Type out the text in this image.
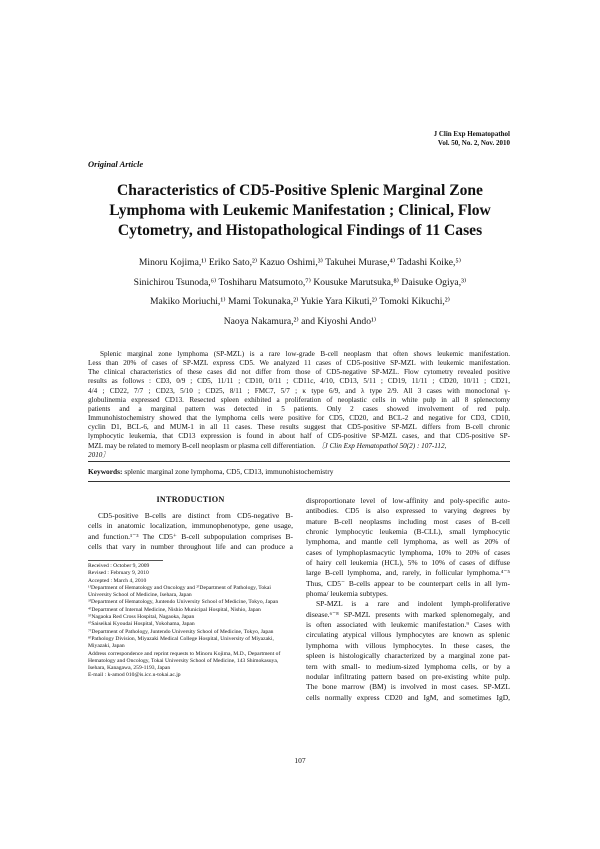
J Clin Exp Hematopathol
Vol. 50, No. 2, Nov. 2010
Original Article
Characteristics of CD5-Positive Splenic Marginal Zone
Lymphoma with Leukemic Manifestation ; Clinical, Flow
Cytometry, and Histopathological Findings of 11 Cases
Minoru Kojima,¹⁾ Eriko Sato,²⁾ Kazuo Oshimi,³⁾ Takuhei Murase,⁴⁾ Tadashi Koike,⁵⁾
Sinichirou Tsunoda,⁶⁾ Toshiharu Matsumoto,⁷⁾ Kousuke Marutsuka,⁸⁾ Daisuke Ogiya,³⁾
Makiko Moriuchi,¹⁾ Mami Tokunaka,²⁾ Yukie Yara Kikuti,²⁾ Tomoki Kikuchi,²⁾
Naoya Nakamura,²⁾ and Kiyoshi Ando¹⁾
Splenic marginal zone lymphoma (SP-MZL) is a rare low-grade B-cell neoplasm that often shows leukemic manifestation.
Less than 20% of cases of SP-MZL express CD5. We analyzed 11 cases of CD5-positive SP-MZL with leukemic manifestation.
The clinical characteristics of these cases did not differ from those of CD5-negative SP-MZL. Flow cytometry revealed positive
results as follows : CD3, 0/9 ; CD5, 11/11 ; CD10, 0/11 ; CD11c, 4/10, CD13, 5/11 ; CD19, 11/11 ; CD20, 10/11 ; CD21,
4/4 ; CD22, 7/7 ; CD23, 5/10 ; CD25, 8/11 ; FMC7, 5/7 ; κ type 6/9, and λ type 2/9. All 3 cases with monoclonal γ-
globulinemia expressed CD13. Resected spleen exhibited a proliferation of neoplastic cells in white pulp in all 8 splenectomy
patients and a marginal pattern was detected in 5 patients. Only 2 cases showed involvement of red pulp.
Immunohistochemistry showed that the lymphoma cells were positive for CD5, CD20, and BCL-2 and negative for CD3, CD10,
cyclin D1, BCL-6, and MUM-1 in all 11 cases. These results suggest that CD5-positive SP-MZL differs from B-cell chronic
lymphocytic leukemia, that CD13 expression is found in about half of CD5-positive SP-MZL cases, and that CD5-positive SP-
MZL may be related to memory B-cell neoplasm or plasma cell differentiation. 〔J Clin Exp Hematopathol 50(2) : 107-112,
2010〕
Keywords: splenic marginal zone lymphoma, CD5, CD13, immunohistochemistry
INTRODUCTION
CD5-positive B-cells are distinct from CD5-negative B-
cells in anatomic localization, immunophenotype, gene usage,
and function.¹⁻³ The CD5⁺ B-cell subpopulation comprises B-
cells that vary in number throughout life and can produce a
Received : October 9, 2009
Revised : February 9, 2010
Accepted : March 4, 2010
¹⁾Department of Hematology and Oncology and ²⁾Department of Pathology, Tokai
University School of Medicine, Isehara, Japan
³⁾Department of Hematology, Juntendo University School of Medicine, Tokyo, Japan
⁴⁾Department of Internal Medicine, Nishio Municipal Hospital, Nishio, Japan
⁵⁾Nagaoka Red Cross Hospital, Nagaoka, Japan
⁶⁾Saiseikai Kyoudai Hospital, Yokohama, Japan
⁷⁾Department of Pathology, Juntendo University School of Medicine, Tokyo, Japan
⁸⁾Pathology Division, Miyazaki Medical College Hospital, University of Miyazaki,
Miyazaki, Japan
Address correspondence and reprint requests to Minoru Kojima, M.D., Department of
Hematology and Oncology, Tokai University School of Medicine, 143 Shimokasuya,
Isehara, Kanagawa, 259-1193, Japan
E-mail : k-amod 010@is.icc.u-tokai.ac.jp
disproportionate level of low-affinity and poly-specific auto-
antibodies. CD5 is also expressed to varying degrees by
mature B-cell neoplasms including most cases of B-cell
chronic lymphocytic leukemia (B-CLL), small lymphocytic
lymphoma, and mantle cell lymphoma, as well as 20% of
cases of lymphoplasmacytic lymphoma, 10% to 20% of cases
of hairy cell leukemia (HCL), 5% to 10% of cases of diffuse
large B-cell lymphoma, and, rarely, in follicular lymphoma.⁴⁻⁵
Thus, CD5⁻ B-cells appear to be counterpart cells in all lym-
phoma/ leukemia subtypes.
SP-MZL is a rare and indolent lymph-proliferative
disease.⁶⁻⁸ SP-MZL presents with marked splenomegaly, and
is often associated with leukemic manifestation.⁹ Cases with
circulating atypical villous lymphocytes are known as splenic
lymphoma with villous lymphocytes. In these cases, the
spleen is histologically characterized by a marginal zone pat-
tern with small- to medium-sized lymphoma cells, or by a
nodular infiltrating pattern based on pre-existing white pulp.
The bone marrow (BM) is involved in most cases. SP-MZL
cells normally express CD20 and IgM, and sometimes IgD,
107
